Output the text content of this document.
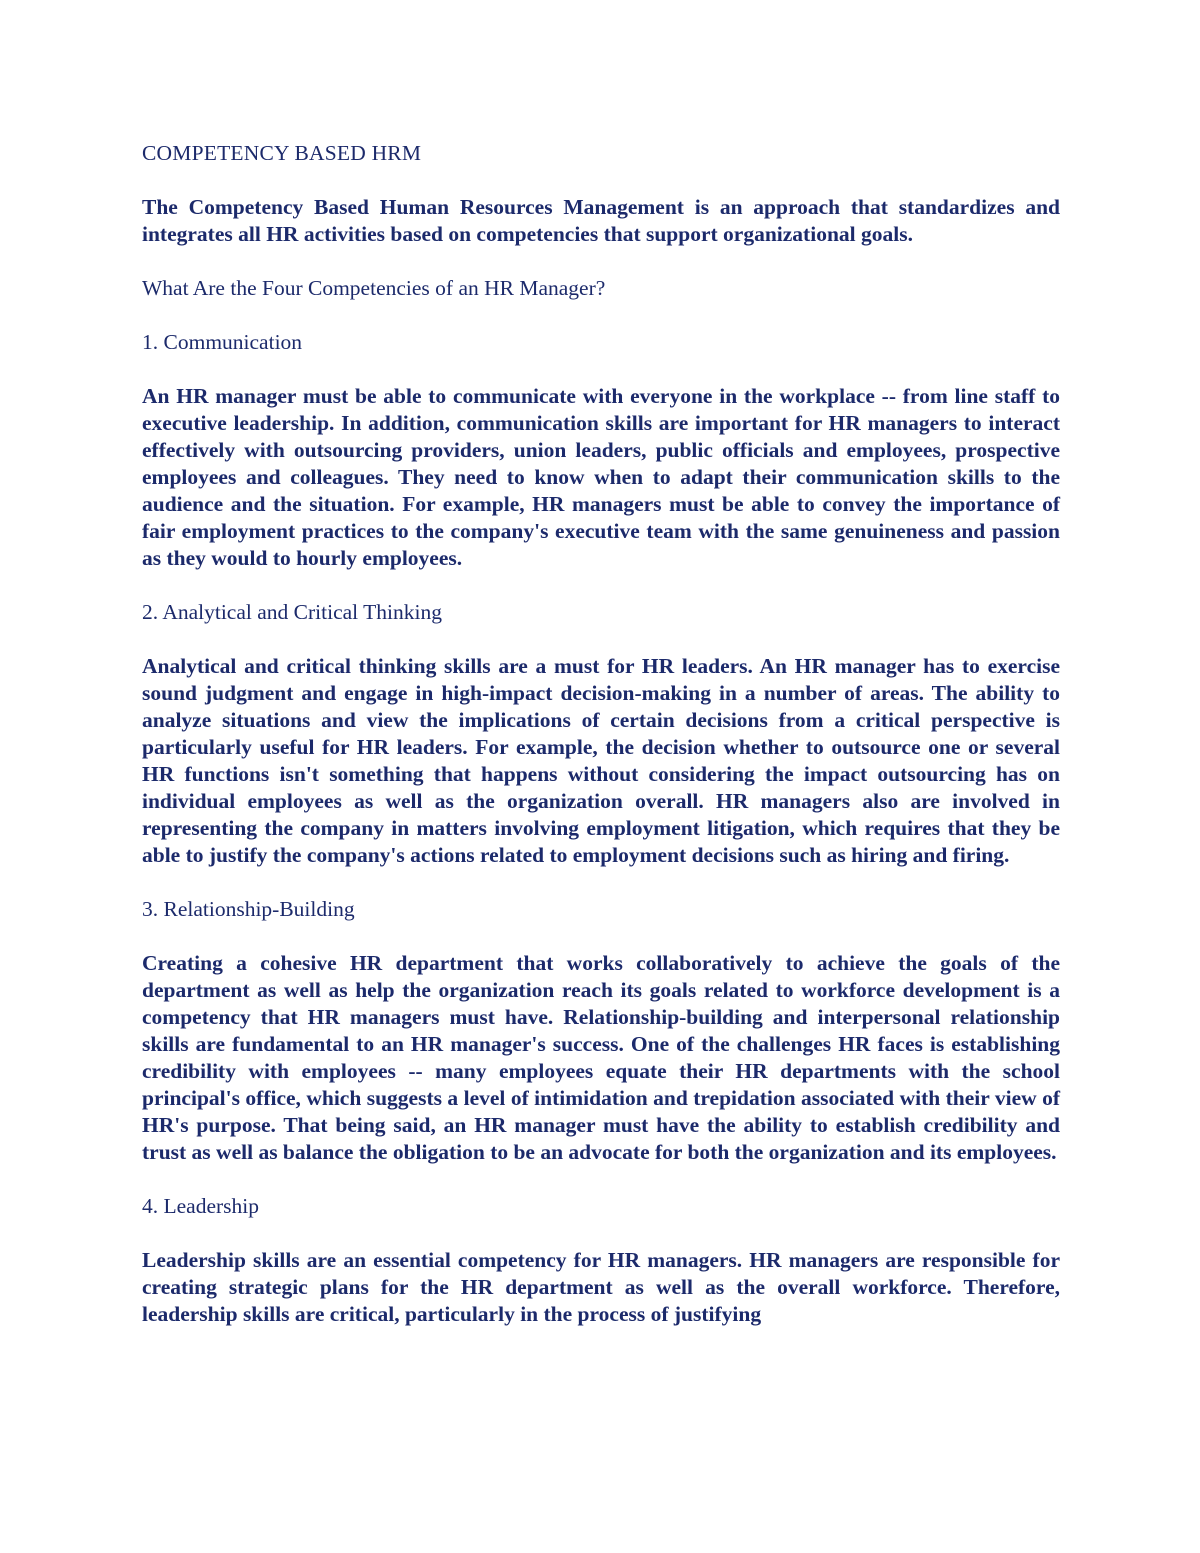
COMPETENCY BASED HRM

The Competency Based Human Resources Management is an approach that standardizes and integrates all HR activities based on competencies that support organizational goals.

What Are the Four Competencies of an HR Manager?

1. Communication

An HR manager must be able to communicate with everyone in the workplace -- from line staff to executive leadership. In addition, communication skills are important for HR managers to interact effectively with outsourcing providers, union leaders, public officials and employees, prospective employees and colleagues. They need to know when to adapt their communication skills to the audience and the situation. For example, HR managers must be able to convey the importance of fair employment practices to the company's executive team with the same genuineness and passion as they would to hourly employees.

2. Analytical and Critical Thinking

Analytical and critical thinking skills are a must for HR leaders. An HR manager has to exercise sound judgment and engage in high-impact decision-making in a number of areas. The ability to analyze situations and view the implications of certain decisions from a critical perspective is particularly useful for HR leaders. For example, the decision whether to outsource one or several HR functions isn't something that happens without considering the impact outsourcing has on individual employees as well as the organization overall. HR managers also are involved in representing the company in matters involving employment litigation, which requires that they be able to justify the company's actions related to employment decisions such as hiring and firing.

3. Relationship-Building

Creating a cohesive HR department that works collaboratively to achieve the goals of the department as well as help the organization reach its goals related to workforce development is a competency that HR managers must have. Relationship-building and interpersonal relationship skills are fundamental to an HR manager's success. One of the challenges HR faces is establishing credibility with employees -- many employees equate their HR departments with the school principal's office, which suggests a level of intimidation and trepidation associated with their view of HR's purpose. That being said, an HR manager must have the ability to establish credibility and trust as well as balance the obligation to be an advocate for both the organization and its employees.

4. Leadership

Leadership skills are an essential competency for HR managers. HR managers are responsible for creating strategic plans for the HR department as well as the overall workforce. Therefore, leadership skills are critical, particularly in the process of justifying
